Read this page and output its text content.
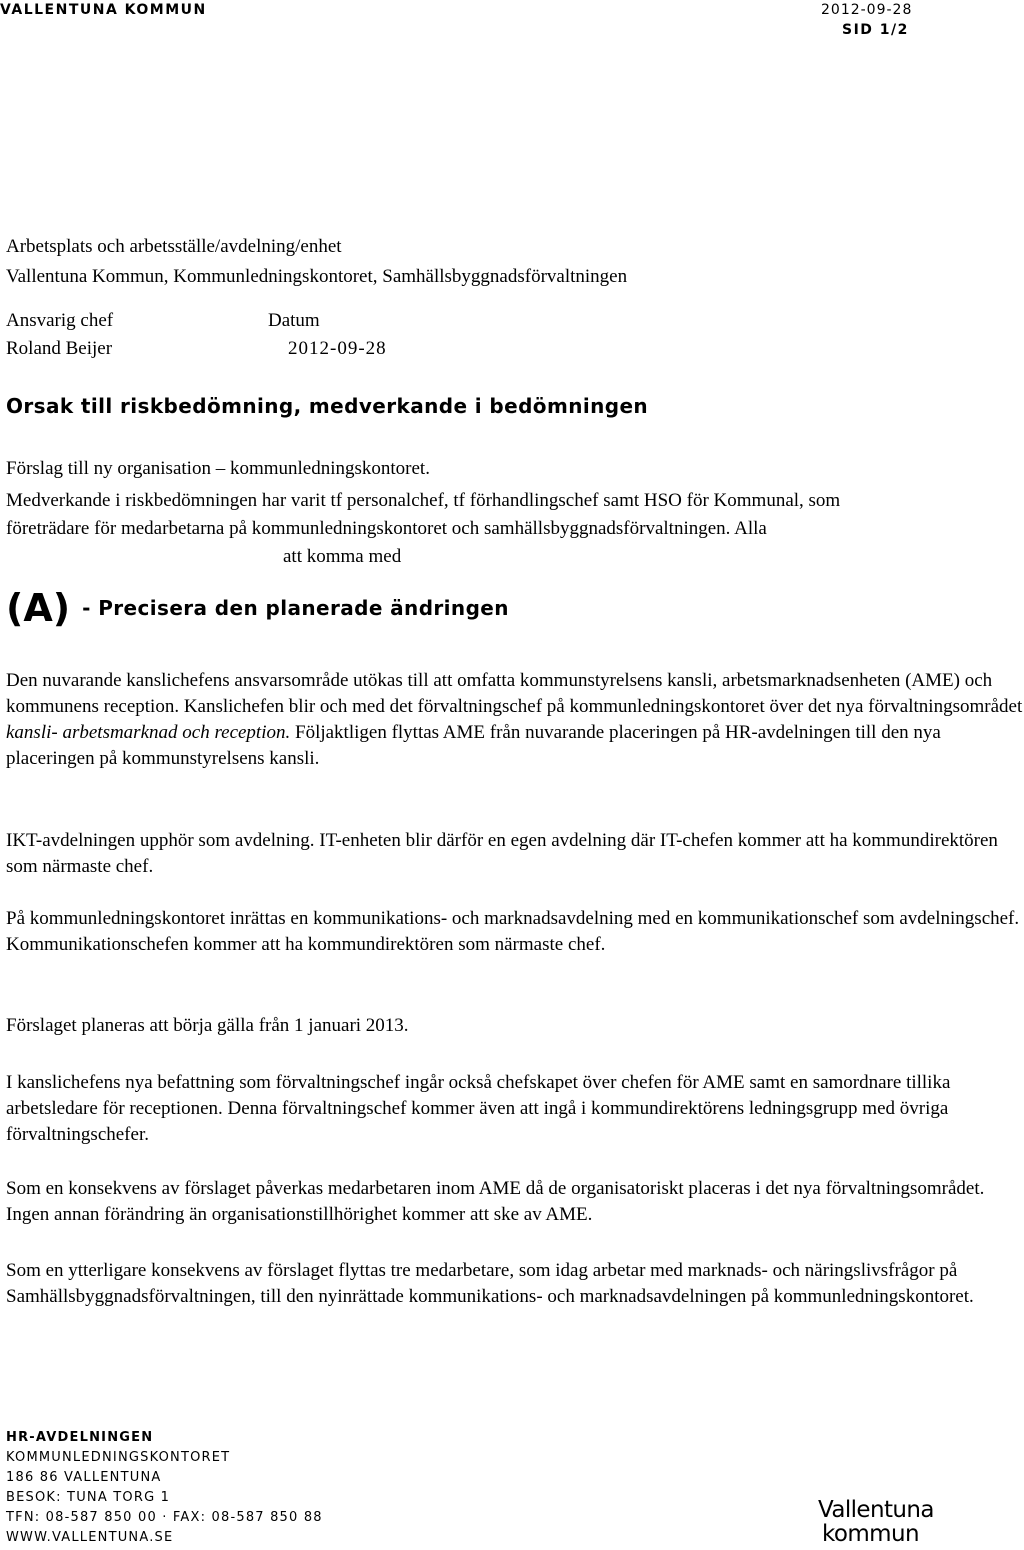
VALLENTUNA KOMMUN	2012-09-28
SID 1/2
Arbetsplats och arbetsställe/avdelning/enhet
Vallentuna Kommun, Kommunledningskontoret, Samhällsbyggnadsförvaltningen
Ansvarig chef
Roland Beijer
Datum
2012-09-28
Orsak till riskbedömning, medverkande i bedömningen
Förslag till ny organisation – kommunledningskontoret.
Medverkande i riskbedömningen har varit tf personalchef, tf förhandlingschef samt HSO för Kommunal, som
företrädare för medarbetarna på kommunledningskontoret och samhällsbyggnadsförvaltningen. Alla
att komma med
(A) - Precisera den planerade ändringen

Den nuvarande kanslichefens ansvarsområde utökas till att omfatta kommunstyrelsens kansli, arbetsmarknadsenheten (AME) och kommunens reception. Kanslichefen blir och med det förvaltningschef på kommunledningskontoret över det nya förvaltningsområdet kansli- arbetsmarknad och reception. Följaktligen flyttas AME från nuvarande placeringen på HR-avdelningen till den nya placeringen på kommunstyrelsens kansli.

IKT-avdelningen upphör som avdelning. IT-enheten blir därför en egen avdelning där IT-chefen kommer att ha kommundirektören som närmaste chef.

På kommunledningskontoret inrättas en kommunikations- och marknadsavdelning med en kommunikationschef som avdelningschef. Kommunikationschefen kommer att ha kommundirektören som närmaste chef.

Förslaget planeras att börja gälla från 1 januari 2013.

I kanslichefens nya befattning som förvaltningschef ingår också chefskapet över chefen för AME samt en samordnare tillika arbetsledare för receptionen. Denna förvaltningschef kommer även att ingå i kommundirektörens ledningsgrupp med övriga förvaltningschefer.

Som en konsekvens av förslaget påverkas medarbetaren inom AME då de organisatoriskt placeras i det nya förvaltningsområdet. Ingen annan förändring än organisationstillhörighet kommer att ske av AME.

Som en ytterligare konsekvens av förslaget flyttas tre medarbetare, som idag arbetar med marknads- och näringslivsfrågor på Samhällsbyggnadsförvaltningen, till den nyinrättade kommunikations- och marknadsavdelningen på kommunledningskontoret.

HR-AVDELNINGEN
KOMMUNLEDNINGSKONTORET
186 86 VALLENTUNA
BESOK: TUNA TORG 1
TFN: 08-587 850 00 · FAX: 08-587 850 88
WWW.VALLENTUNA.SE
Vallentuna
kommun
